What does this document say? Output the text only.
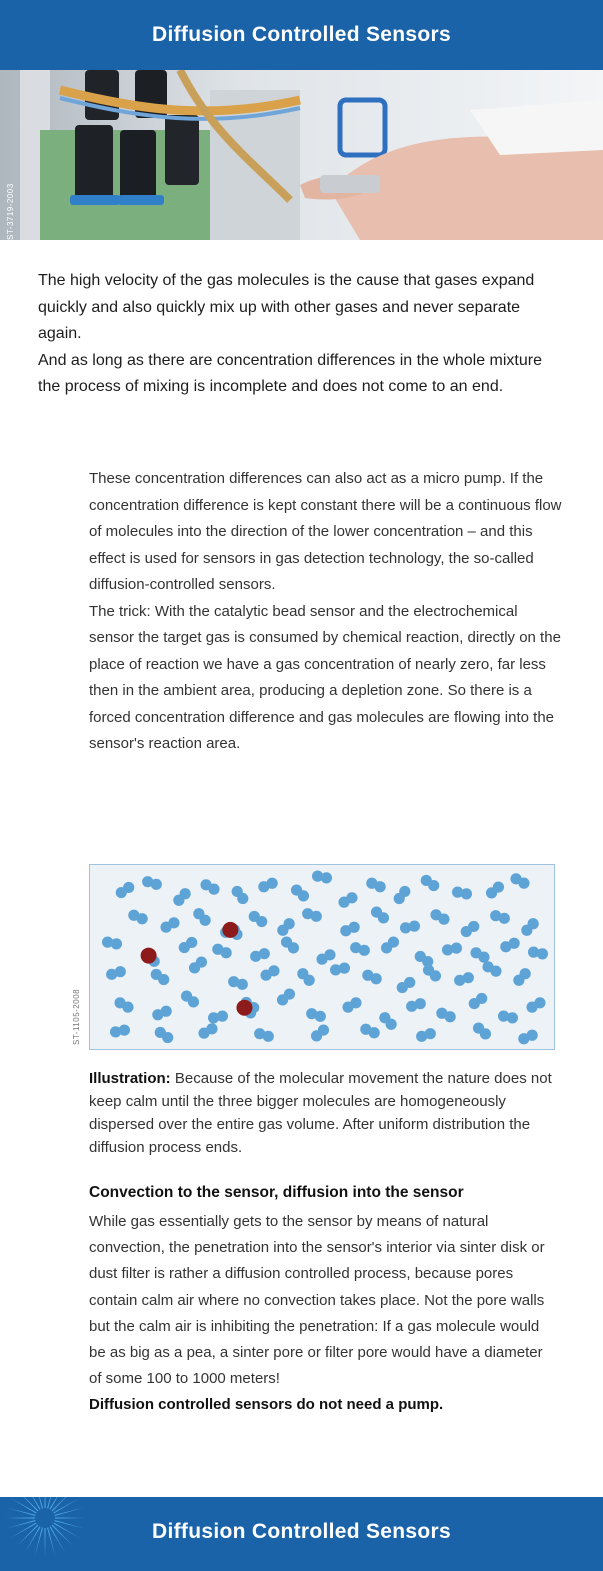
Diffusion Controlled Sensors
ST-3719-2003

The high velocity of the gas molecules is the cause that gases expand quickly and also quickly mix up with other gases and never separate again.

And as long as there are concentration differences in the whole mixture the process of mixing is incomplete and does not come to an end.

These concentration differences can also act as a micro pump. If the concentration difference is kept constant there will be a continuous flow of molecules into the direction of the lower concentration – and this effect is used for sensors in gas detection technology, the so-called diffusion-controlled sensors.

The trick: With the catalytic bead sensor and the electrochemical sensor the target gas is consumed by chemical reaction, directly on the place of reaction we have a gas concentration of nearly zero, far less then in the ambient area, producing a depletion zone. So there is a forced concentration difference and gas molecules are flowing into the sensor's reaction area.

ST-1105-2008
Illustration: Because of the molecular movement the nature does not keep calm until the three bigger molecules are homogeneously dispersed over the entire gas volume. After uniform distribution the diffusion process ends.
Convection to the sensor, diffusion into the sensor

While gas essentially gets to the sensor by means of natural convection, the penetration into the sensor's interior via sinter disk or dust filter is rather a diffusion controlled process, because pores contain calm air where no convection takes place. Not the pore walls but the calm air is inhibiting the penetration: If a gas molecule would be as big as a pea, a sinter pore or filter pore would have a diameter of some 100 to 1000 meters!

Diffusion controlled sensors do not need a pump.

Diffusion Controlled Sensors
